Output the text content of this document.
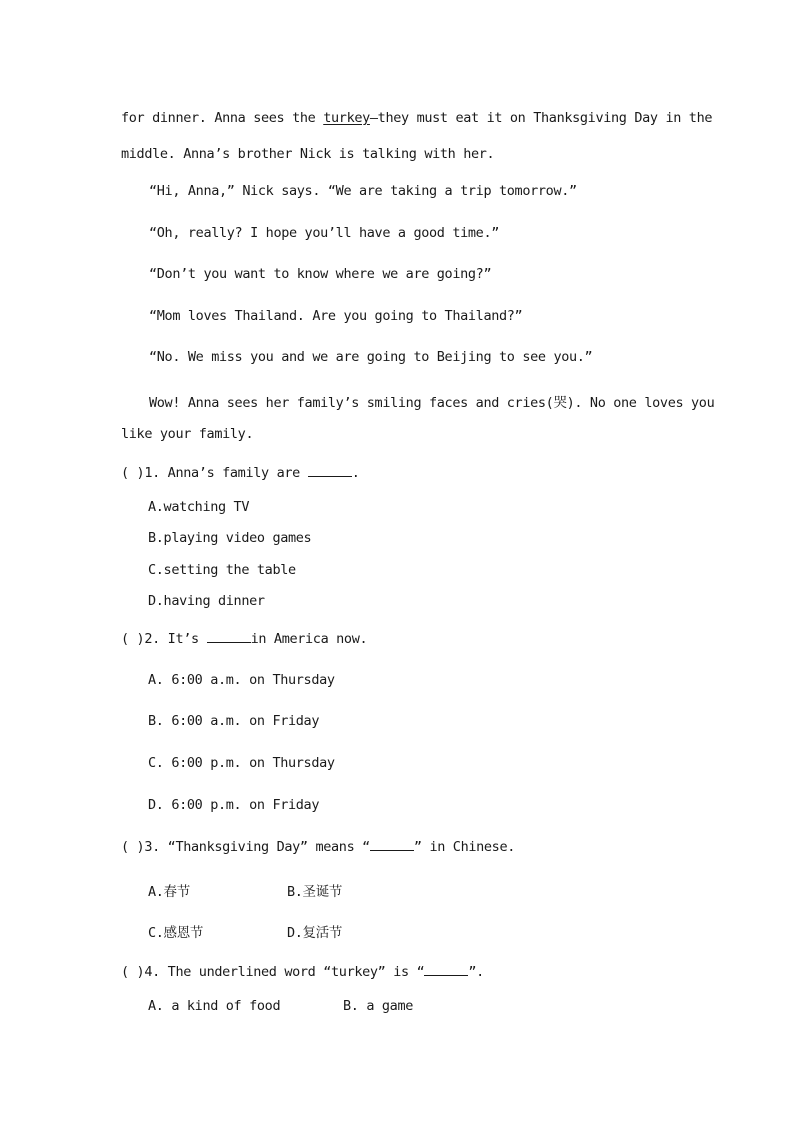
for dinner. Anna sees the turkey—they must eat it on Thanksgiving Day in the
middle. Anna’s brother Nick is talking with her.
“Hi, Anna,” Nick says. “We are taking a trip tomorrow.”
“Oh, really? I hope you’ll have a good time.”
“Don’t you want to know where we are going?”
“Mom loves Thailand. Are you going to Thailand?”
“No. We miss you and we are going to Beijing to see you.”
Wow! Anna sees her family’s smiling faces and cries(哭). No one loves you
like your family.
( )1. Anna’s family are	.
A.watching TV
B.playing video games
C.setting the table
D.having dinner
( )2. It’s	in America now.
A. 6:00 a.m. on Thursday
B. 6:00 a.m. on Friday
C. 6:00 p.m. on Thursday
D. 6:00 p.m. on Friday
( )3. “Thanksgiving Day” means “	” in Chinese.
A.春节	B.圣诞节
C.感恩节	D.复活节
( )4. The underlined word “turkey” is “	”.
A. a kind of food	B. a game
